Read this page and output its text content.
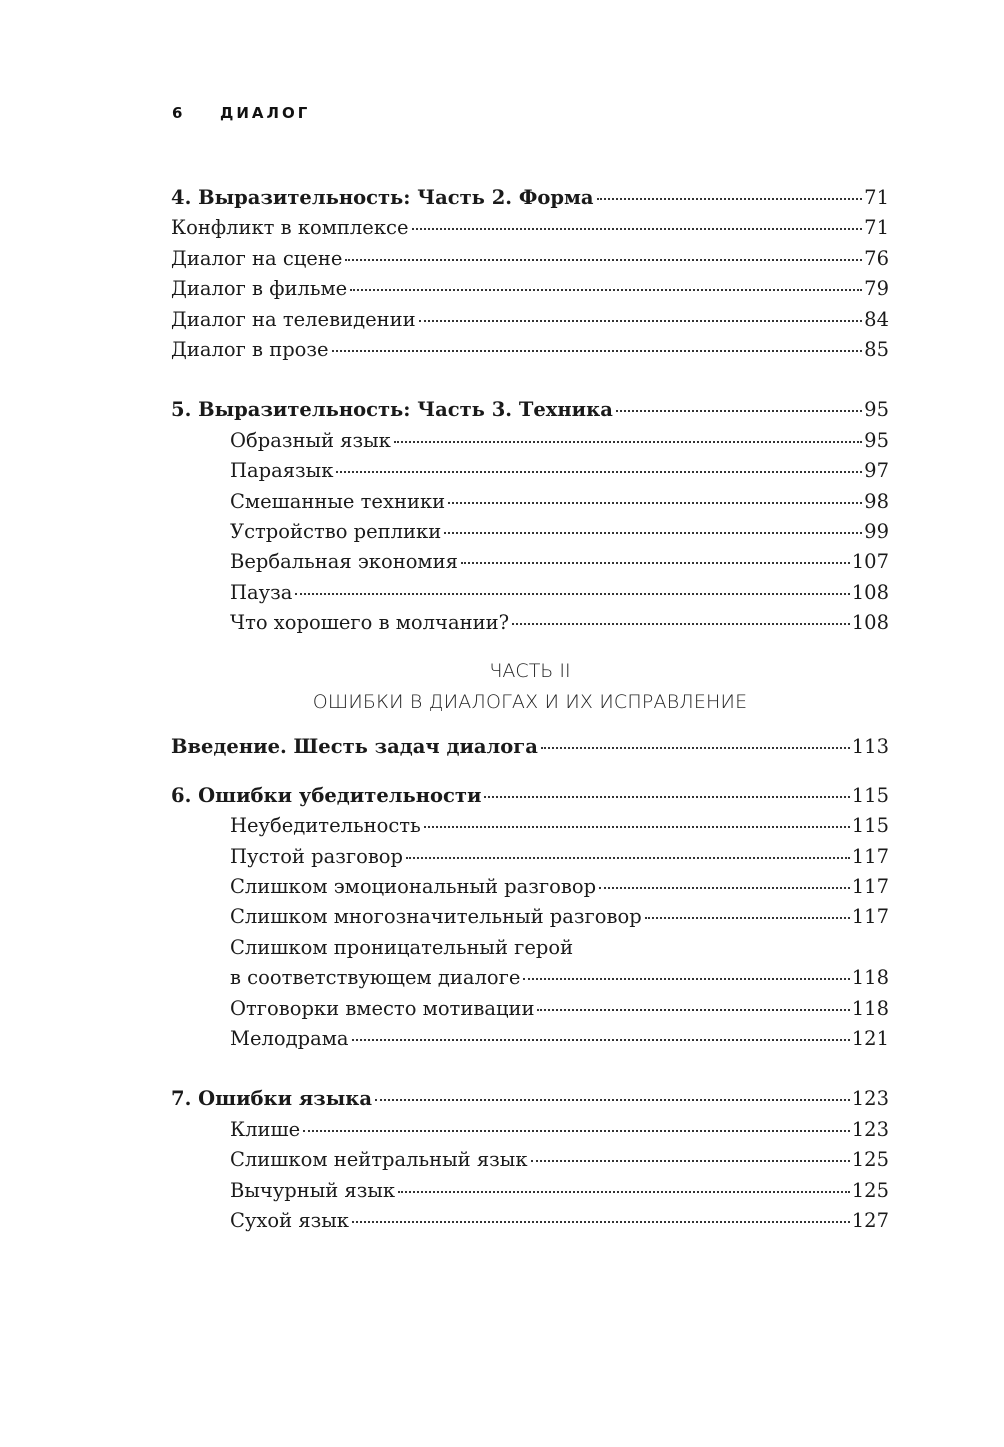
6	ДИАЛОГ
4. Выразительность: Часть 2. Форма	71
Конфликт в комплексе	71
Диалог на сцене	76
Диалог в фильме	79
Диалог на телевидении	84
Диалог в прозе	85
5. Выразительность: Часть 3. Техника	95
Образный язык	95
Параязык	97
Смешанные техники	98
Устройство реплики	99
Вербальная экономия	107
Пауза	108
Что хорошего в молчании?	108
ЧАСТЬ II
ОШИБКИ В ДИАЛОГАХ И ИХ ИСПРАВЛЕНИЕ
Введение. Шесть задач диалога	113
6. Ошибки убедительности	115
Неубедительность	115
Пустой разговор	117
Слишком эмоциональный разговор	117
Слишком многозначительный разговор	117
Слишком проницательный герой
в соответствующем диалоге	118
Отговорки вместо мотивации	118
Мелодрама	121
7. Ошибки языка	123
Клише	123
Слишком нейтральный язык	125
Вычурный язык	125
Сухой язык	127
